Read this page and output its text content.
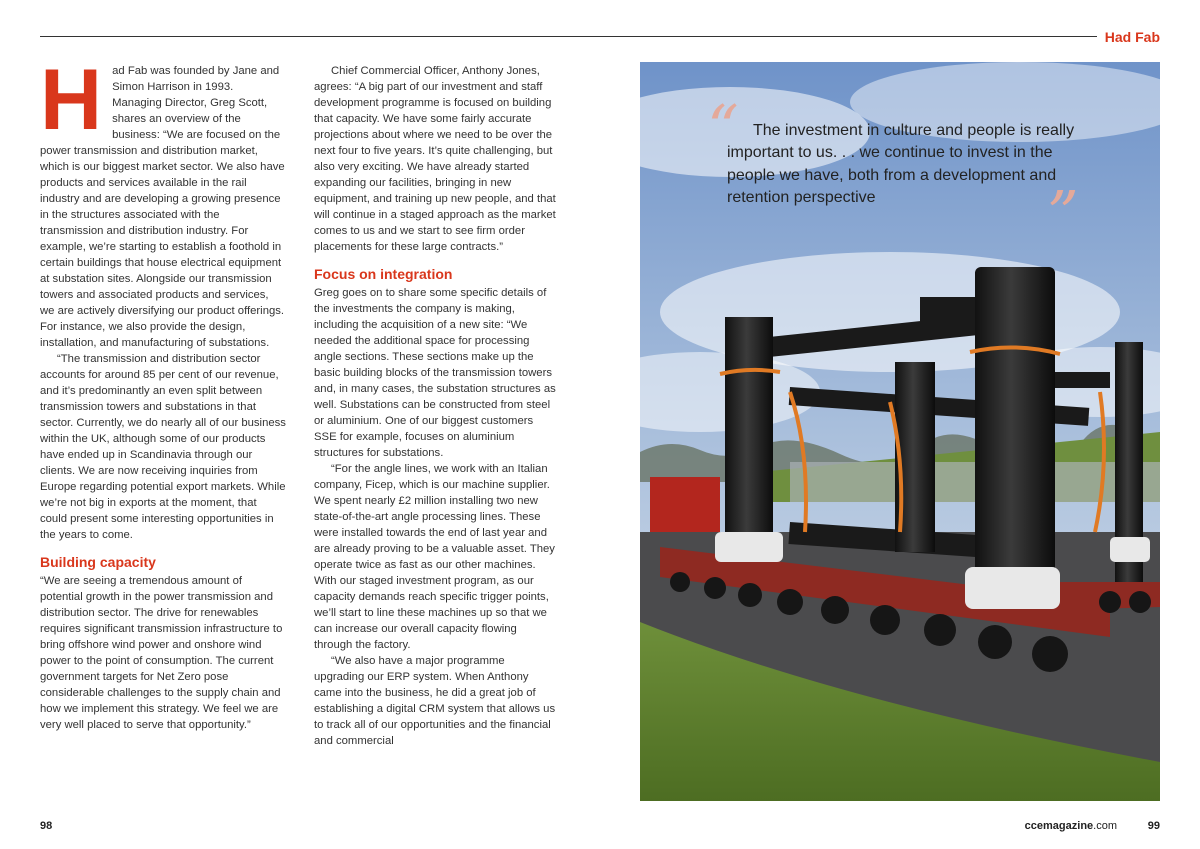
Had Fab

Had Fab was founded by Jane and Simon Harrison in 1993. Managing Director, Greg Scott, shares an overview of the business: “We are focused on the power transmission and distribution market, which is our biggest market sector. We also have products and services available in the rail industry and are developing a growing presence in the structures associated with the transmission and distribution industry. For example, we’re starting to establish a foothold in certain buildings that house electrical equipment at substation sites. Alongside our transmission towers and associated products and services, we are actively diversifying our product offerings. For instance, we also provide the design, installation, and manufacturing of substations.

“The transmission and distribution sector accounts for around 85 per cent of our revenue, and it’s predominantly an even split between transmission towers and substations in that sector. Currently, we do nearly all of our business within the UK, although some of our products have ended up in Scandinavia through our clients. We are now receiving inquiries from Europe regarding potential export markets. While we’re not big in exports at the moment, that could present some interesting opportunities in the years to come.

Building capacity

“We are seeing a tremendous amount of potential growth in the power transmission and distribution sector. The drive for renewables requires significant transmission infrastructure to bring offshore wind power and onshore wind power to the point of consumption. The current government targets for Net Zero pose considerable challenges to the supply chain and how we implement this strategy. We feel we are very well placed to serve that opportunity.”

Chief Commercial Officer, Anthony Jones, agrees: “A big part of our investment and staff development programme is focused on building that capacity. We have some fairly accurate projections about where we need to be over the next four to five years. It’s quite challenging, but also very exciting. We have already started expanding our facilities, bringing in new equipment, and training up new people, and that will continue in a staged approach as the market comes to us and we start to see firm order placements for these large contracts.”

Focus on integration

Greg goes on to share some specific details of the investments the company is making, including the acquisition of a new site: “We needed the additional space for processing angle sections. These sections make up the basic building blocks of the transmission towers and, in many cases, the substation structures as well. Substations can be constructed from steel or aluminium. One of our biggest customers SSE for example, focuses on aluminium structures for substations.

“For the angle lines, we work with an Italian company, Ficep, which is our machine supplier. We spent nearly £2 million installing two new state-of-the-art angle processing lines. These were installed towards the end of last year and are already proving to be a valuable asset. They operate twice as fast as our other machines. With our staged investment program, as our capacity demands reach specific trigger points, we’ll start to line these machines up so that we can increase our overall capacity flowing through the factory.

“We also have a major programme upgrading our ERP system. When Anthony came into the business, he did a great job of establishing a digital CRM system that allows us to track all of our opportunities and the financial and commercial

“ The investment in culture and people is really important to us. . . we continue to invest in the people we have, both from a development and retention perspective	”
98	ccemagazine.com	99
